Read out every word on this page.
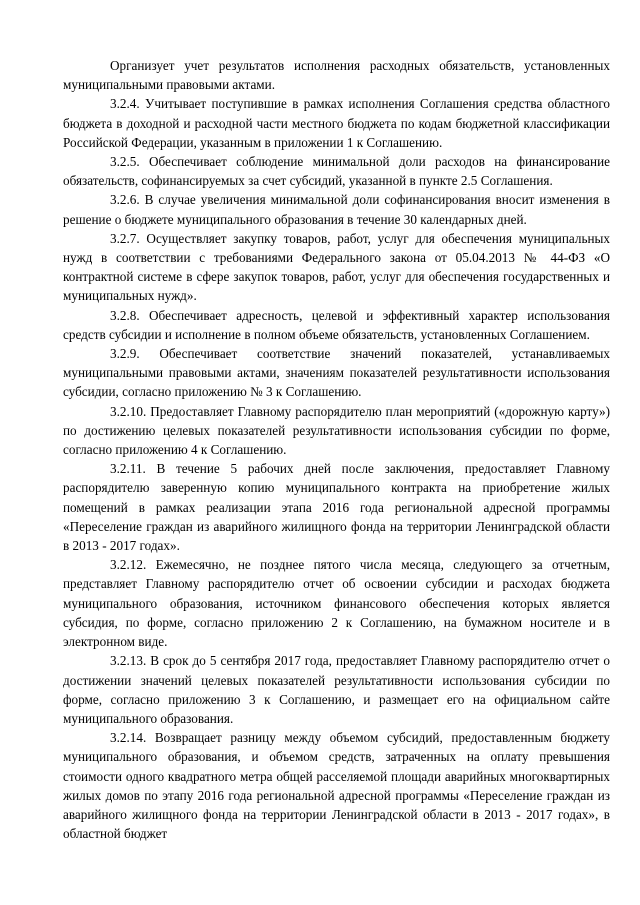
Организует учет результатов исполнения расходных обязательств, установленных муниципальными правовыми актами.

3.2.4. Учитывает поступившие в рамках исполнения Соглашения средства областного бюджета в доходной и расходной части местного бюджета по кодам бюджетной классификации Российской Федерации, указанным в приложении 1 к Соглашению.

3.2.5. Обеспечивает соблюдение минимальной доли расходов на финансирование обязательств, софинансируемых за счет субсидий, указанной в пункте 2.5 Соглашения.

3.2.6. В случае увеличения минимальной доли софинансирования вносит изменения в решение о бюджете муниципального образования в течение 30 календарных дней.

3.2.7. Осуществляет закупку товаров, работ, услуг для обеспечения муниципальных нужд в соответствии с требованиями Федерального закона от 05.04.2013 № 44-ФЗ «О контрактной системе в сфере закупок товаров, работ, услуг для обеспечения государственных и муниципальных нужд».

3.2.8. Обеспечивает адресность, целевой и эффективный характер использования средств субсидии и исполнение в полном объеме обязательств, установленных Соглашением.

3.2.9. Обеспечивает соответствие значений показателей, устанавливаемых муниципальными правовыми актами, значениям показателей результативности использования субсидии, согласно приложению № 3 к Соглашению.

3.2.10. Предоставляет Главному распорядителю план мероприятий («дорожную карту») по достижению целевых показателей результативности использования субсидии по форме, согласно приложению 4 к Соглашению.

3.2.11. В течение 5 рабочих дней после заключения, предоставляет Главному распорядителю заверенную копию муниципального контракта на приобретение жилых помещений в рамках реализации этапа 2016 года региональной адресной программы «Переселение граждан из аварийного жилищного фонда на территории Ленинградской области в 2013 - 2017 годах».

3.2.12. Ежемесячно, не позднее пятого числа месяца, следующего за отчетным, представляет Главному распорядителю отчет об освоении субсидии и расходах бюджета муниципального образования, источником финансового обеспечения которых является субсидия, по форме, согласно приложению 2 к Соглашению, на бумажном носителе и в электронном виде.

3.2.13. В срок до 5 сентября 2017 года, предоставляет Главному распорядителю отчет о достижении значений целевых показателей результативности использования субсидии по форме, согласно приложению 3 к Соглашению, и размещает его на официальном сайте муниципального образования.

3.2.14. Возвращает разницу между объемом субсидий, предоставленным бюджету муниципального образования, и объемом средств, затраченных на оплату превышения стоимости одного квадратного метра общей расселяемой площади аварийных многоквартирных жилых домов по этапу 2016 года региональной адресной программы «Переселение граждан из аварийного жилищного фонда на территории Ленинградской области в 2013 - 2017 годах», в областной бюджет
